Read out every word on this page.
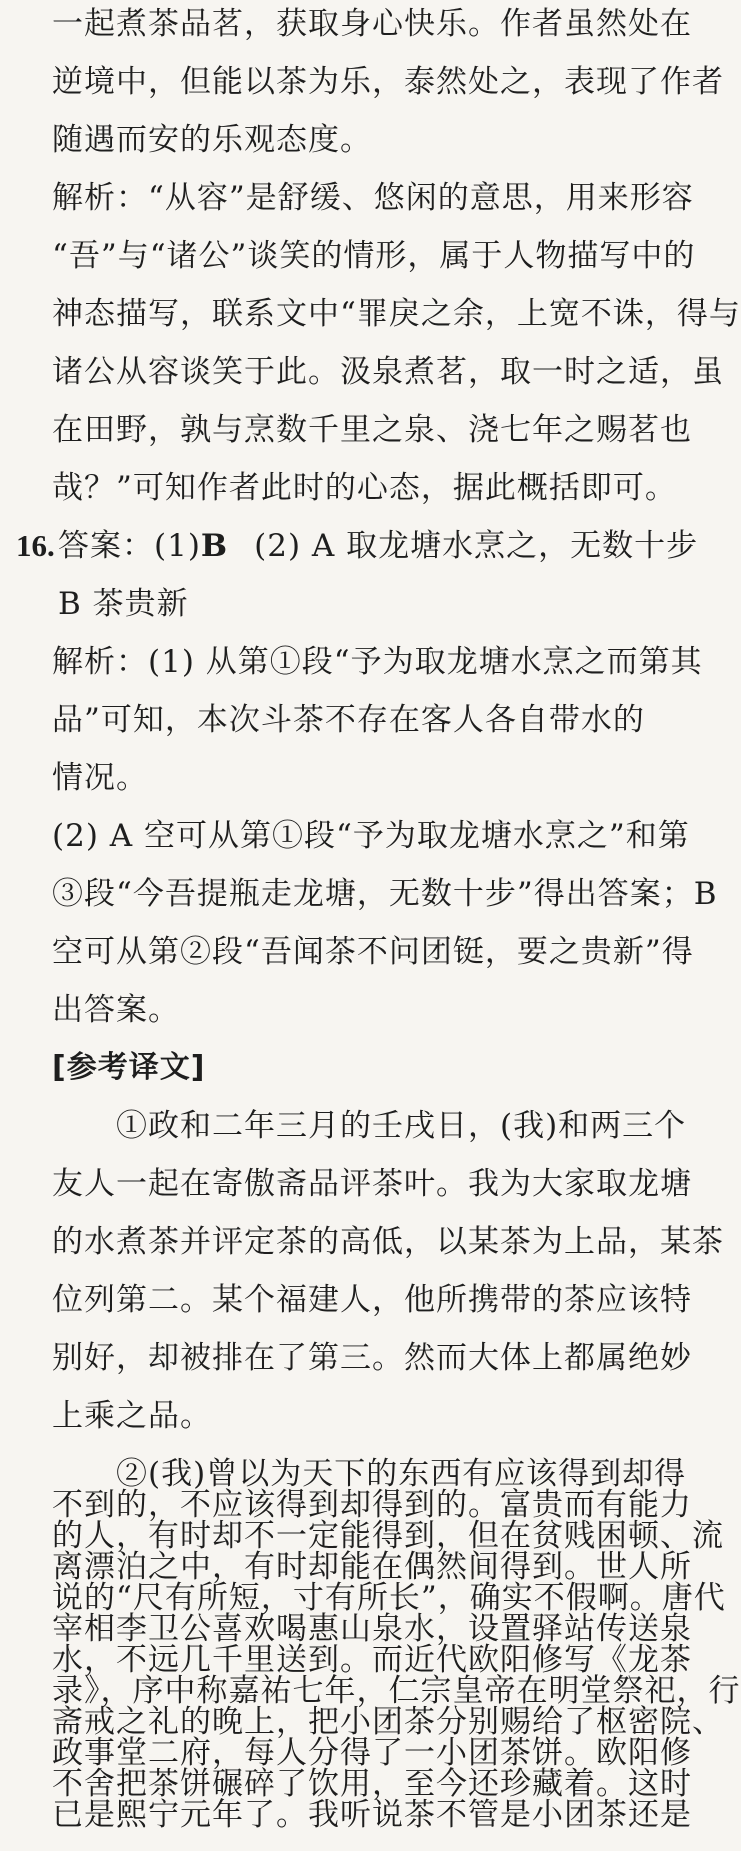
一起煮茶品茗，获取身心快乐。作者虽然处在
逆境中，但能以茶为乐，泰然处之，表现了作者
随遇而安的乐观态度。
解析：“从容”是舒缓、悠闲的意思，用来形容
“吾”与“诸公”谈笑的情形，属于人物描写中的
神态描写，联系文中“罪戾之余，上宽不诛，得与
诸公从容谈笑于此。汲泉煮茗，取一时之适，虽
在田野，孰与烹数千里之泉、浇七年之赐茗也
哉？”可知作者此时的心态，据此概括即可。
16. 答案：(1)B (2) A 取龙塘水烹之，无数十步
B 茶贵新
解析：(1) 从第①段“予为取龙塘水烹之而第其
品”可知，本次斗茶不存在客人各自带水的
情况。
(2) A 空可从第①段“予为取龙塘水烹之”和第
③段“今吾提瓶走龙塘，无数十步”得出答案；B
空可从第②段“吾闻茶不问团铤，要之贵新”得
出答案。
[参考译文]
①政和二年三月的壬戌日，(我)和两三个
友人一起在寄傲斋品评茶叶。我为大家取龙塘
的水煮茶并评定茶的高低，以某茶为上品，某茶
位列第二。某个福建人，他所携带的茶应该特
别好，却被排在了第三。然而大体上都属绝妙
上乘之品。
②(我)曾以为天下的东西有应该得到却得
不到的，不应该得到却得到的。富贵而有能力
的人，有时却不一定能得到，但在贫贱困顿、流
离漂泊之中，有时却能在偶然间得到。世人所
说的“尺有所短，寸有所长”，确实不假啊。唐代
宰相李卫公喜欢喝惠山泉水，设置驿站传送泉
水，不远几千里送到。而近代欧阳修写《龙茶
录》，序中称嘉祐七年，仁宗皇帝在明堂祭祀，行
斋戒之礼的晚上，把小团茶分别赐给了枢密院、
政事堂二府，每人分得了一小团茶饼。欧阳修
不舍把茶饼碾碎了饮用，至今还珍藏着。这时
已是熙宁元年了。我听说茶不管是小团茶还是
